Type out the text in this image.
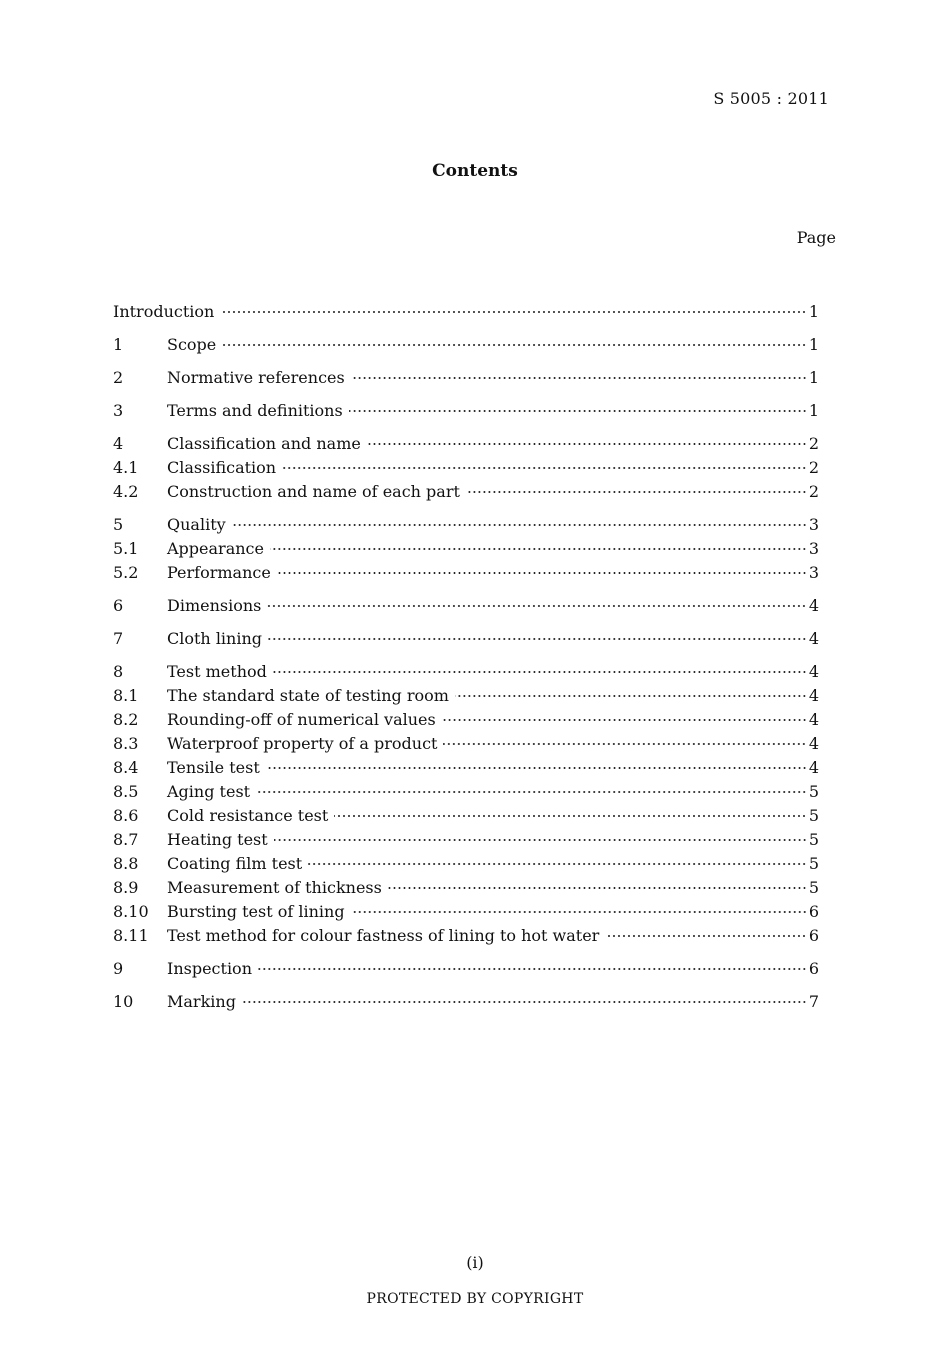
S 5005 : 2011
Contents
Page
Introduction	1
1	Scope	1
2	Normative references	1
3	Terms and definitions	1
4	Classification and name	2
4.1	Classification	2
4.2	Construction and name of each part	2
5	Quality	3
5.1	Appearance	3
5.2	Performance	3
6	Dimensions	4
7	Cloth lining	4
8	Test method	4
8.1	The standard state of testing room	4
8.2	Rounding-off of numerical values	4
8.3	Waterproof property of a product	4
8.4	Tensile test	4
8.5	Aging test	5
8.6	Cold resistance test	5
8.7	Heating test	5
8.8	Coating film test	5
8.9	Measurement of thickness	5
8.10	Bursting test of lining	6
8.11	Test method for colour fastness of lining to hot water	6
9	Inspection	6
10	Marking	7
(i)
PROTECTED BY COPYRIGHT
